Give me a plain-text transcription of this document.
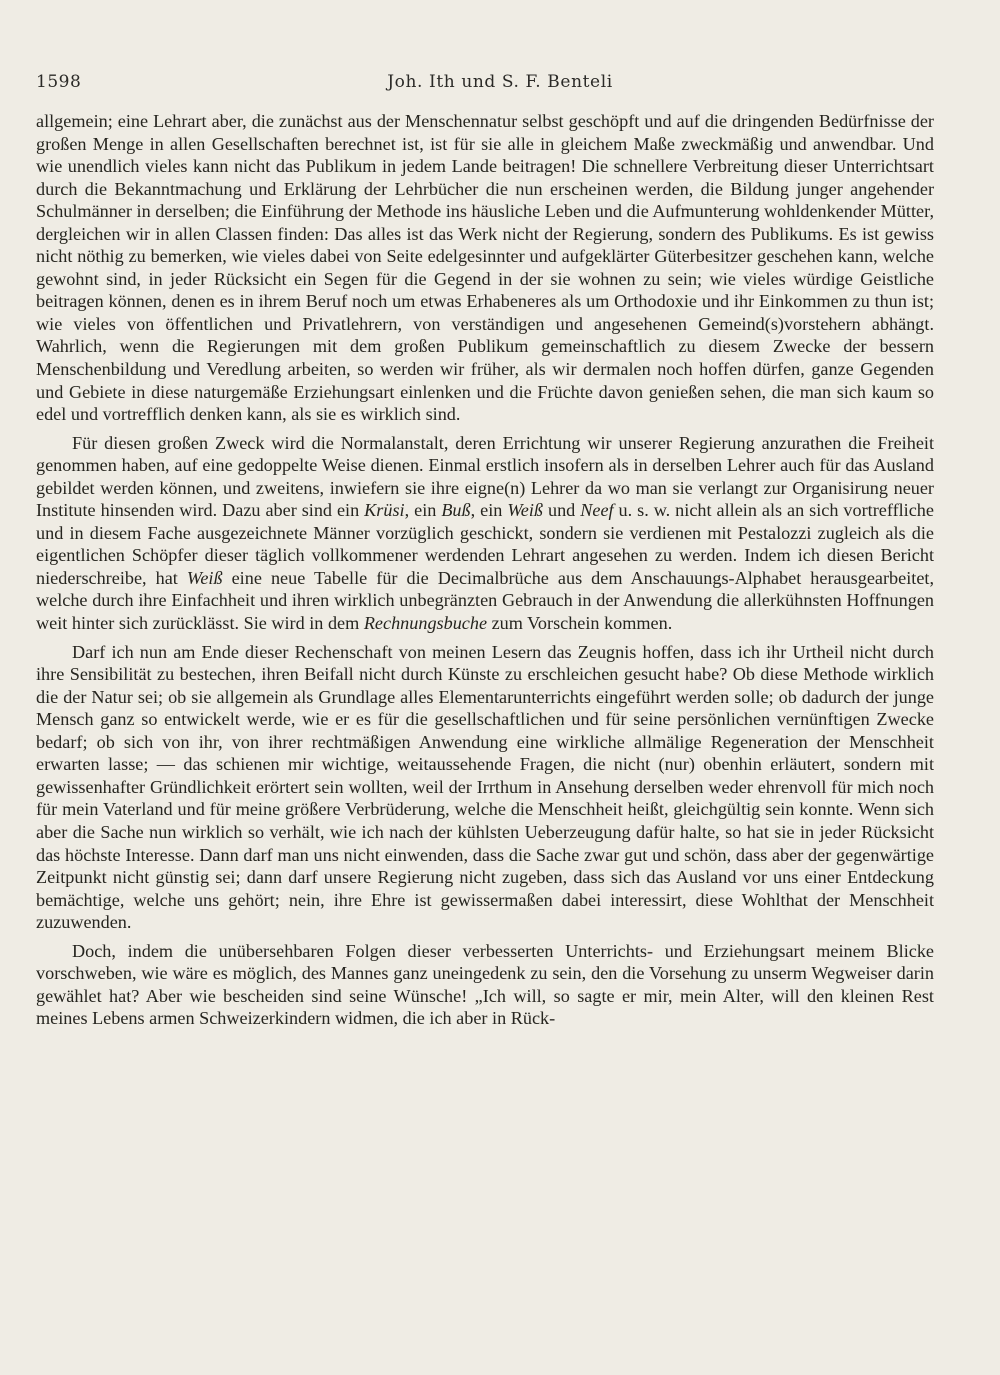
1598	Joh. Ith und S. F. Benteli

allgemein; eine Lehrart aber, die zunächst aus der Menschennatur selbst geschöpft und auf die dringenden Bedürfnisse der großen Menge in allen Gesellschaften berechnet ist, ist für sie alle in gleichem Maße zweckmäßig und anwendbar. Und wie unendlich vieles kann nicht das Publikum in jedem Lande beitragen! Die schnellere Verbreitung dieser Unterrichtsart durch die Bekanntmachung und Erklärung der Lehrbücher die nun erscheinen werden, die Bildung junger angehender Schulmänner in derselben; die Einführung der Methode ins häusliche Leben und die Aufmunterung wohldenkender Mütter, dergleichen wir in allen Classen finden: Das alles ist das Werk nicht der Regierung, sondern des Publikums. Es ist gewiss nicht nöthig zu bemerken, wie vieles dabei von Seite edelgesinnter und aufgeklärter Güterbesitzer geschehen kann, welche gewohnt sind, in jeder Rücksicht ein Segen für die Gegend in der sie wohnen zu sein; wie vieles würdige Geistliche beitragen können, denen es in ihrem Beruf noch um etwas Erhabeneres als um Orthodoxie und ihr Einkommen zu thun ist; wie vieles von öffentlichen und Privatlehrern, von verständigen und angesehenen Gemeind(s)vorstehern abhängt. Wahrlich, wenn die Regierungen mit dem großen Publikum gemeinschaftlich zu diesem Zwecke der bessern Menschenbildung und Veredlung arbeiten, so werden wir früher, als wir dermalen noch hoffen dürfen, ganze Gegenden und Gebiete in diese naturgemäße Erziehungsart einlenken und die Früchte davon genießen sehen, die man sich kaum so edel und vortrefflich denken kann, als sie es wirklich sind.

Für diesen großen Zweck wird die Normalanstalt, deren Errichtung wir unserer Regierung anzurathen die Freiheit genommen haben, auf eine gedoppelte Weise dienen. Einmal erstlich insofern als in derselben Lehrer auch für das Ausland gebildet werden können, und zweitens, inwiefern sie ihre eigne(n) Lehrer da wo man sie verlangt zur Organisirung neuer Institute hinsenden wird. Dazu aber sind ein Krüsi, ein Buß, ein Weiß und Neef u. s. w. nicht allein als an sich vortreffliche und in diesem Fache ausgezeichnete Männer vorzüglich geschickt, sondern sie verdienen mit Pestalozzi zugleich als die eigentlichen Schöpfer dieser täglich vollkommener werdenden Lehrart angesehen zu werden. Indem ich diesen Bericht niederschreibe, hat Weiß eine neue Tabelle für die Decimalbrüche aus dem Anschauungs-Alphabet herausgearbeitet, welche durch ihre Einfachheit und ihren wirklich unbegränzten Gebrauch in der Anwendung die allerkühnsten Hoffnungen weit hinter sich zurücklässt. Sie wird in dem Rechnungsbuche zum Vorschein kommen.

Darf ich nun am Ende dieser Rechenschaft von meinen Lesern das Zeugnis hoffen, dass ich ihr Urtheil nicht durch ihre Sensibilität zu bestechen, ihren Beifall nicht durch Künste zu erschleichen gesucht habe? Ob diese Methode wirklich die der Natur sei; ob sie allgemein als Grundlage alles Elementarunterrichts eingeführt werden solle; ob dadurch der junge Mensch ganz so entwickelt werde, wie er es für die gesellschaftlichen und für seine persönlichen vernünftigen Zwecke bedarf; ob sich von ihr, von ihrer rechtmäßigen Anwendung eine wirkliche allmälige Regeneration der Menschheit erwarten lasse; — das schienen mir wichtige, weitaussehende Fragen, die nicht (nur) obenhin erläutert, sondern mit gewissenhafter Gründlichkeit erörtert sein wollten, weil der Irrthum in Ansehung derselben weder ehrenvoll für mich noch für mein Vaterland und für meine größere Verbrüderung, welche die Menschheit heißt, gleichgültig sein konnte. Wenn sich aber die Sache nun wirklich so verhält, wie ich nach der kühlsten Ueberzeugung dafür halte, so hat sie in jeder Rücksicht das höchste Interesse. Dann darf man uns nicht einwenden, dass die Sache zwar gut und schön, dass aber der gegenwärtige Zeitpunkt nicht günstig sei; dann darf unsere Regierung nicht zugeben, dass sich das Ausland vor uns einer Entdeckung bemächtige, welche uns gehört; nein, ihre Ehre ist gewissermaßen dabei interessirt, diese Wohlthat der Menschheit zuzuwenden.

Doch, indem die unübersehbaren Folgen dieser verbesserten Unterrichts- und Erziehungsart meinem Blicke vorschweben, wie wäre es möglich, des Mannes ganz uneingedenk zu sein, den die Vorsehung zu unserm Wegweiser darin gewählet hat? Aber wie bescheiden sind seine Wünsche! „Ich will, so sagte er mir, mein Alter, will den kleinen Rest meines Lebens armen Schweizerkindern widmen, die ich aber in Rück-
